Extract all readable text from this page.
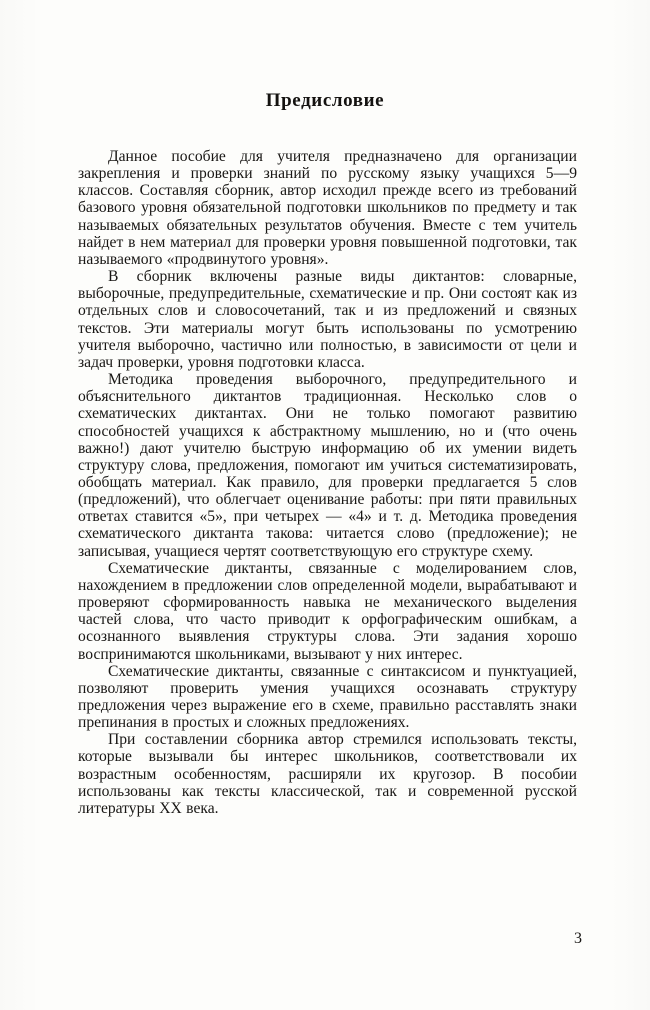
Предисловие

Данное пособие для учителя предназначено для организации закрепления и проверки знаний по русскому языку учащихся 5—9 классов. Составляя сборник, автор исходил прежде всего из требований базового уровня обязательной подготовки школьников по предмету и так называемых обязательных результатов обучения. Вместе с тем учитель найдет в нем материал для проверки уровня повышенной подготовки, так называемого «продвинутого уровня».

В сборник включены разные виды диктантов: словарные, выборочные, предупредительные, схематические и пр. Они состоят как из отдельных слов и словосочетаний, так и из предложений и связных текстов. Эти материалы могут быть использованы по усмотрению учителя выборочно, частично или полностью, в зависимости от цели и задач проверки, уровня подготовки класса.

Методика проведения выборочного, предупредительного и объяснительного диктантов традиционная. Несколько слов о схематических диктантах. Они не только помогают развитию способностей учащихся к абстрактному мышлению, но и (что очень важно!) дают учителю быструю информацию об их умении видеть структуру слова, предложения, помогают им учиться систематизировать, обобщать материал. Как правило, для проверки предлагается 5 слов (предложений), что облегчает оценивание работы: при пяти правильных ответах ставится «5», при четырех — «4» и т. д. Методика проведения схематического диктанта такова: читается слово (предложение); не записывая, учащиеся чертят соответствующую его структуре схему.

Схематические диктанты, связанные с моделированием слов, нахождением в предложении слов определенной модели, вырабатывают и проверяют сформированность навыка не механического выделения частей слова, что часто приводит к орфографическим ошибкам, а осознанного выявления структуры слова. Эти задания хорошо воспринимаются школьниками, вызывают у них интерес.

Схематические диктанты, связанные с синтаксисом и пунктуацией, позволяют проверить умения учащихся осознавать структуру предложения через выражение его в схеме, правильно расставлять знаки препинания в простых и сложных предложениях.

При составлении сборника автор стремился использовать тексты, которые вызывали бы интерес школьников, соответствовали их возрастным особенностям, расширяли их кругозор. В пособии использованы как тексты классической, так и современной русской литературы XX века.

3
